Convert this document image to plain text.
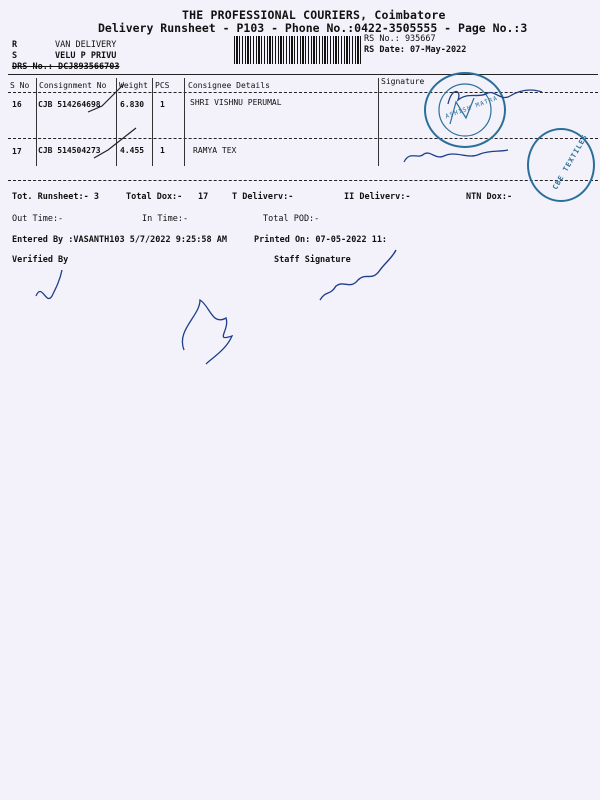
THE PROFESSIONAL COURIERS, Coimbatore
Delivery Runsheet - P103 - Phone No.:0422-3505555 - Page No.:3
R	VAN DELIVERY
S	VELU P PRIVU
DRS No.: DCJ893566703
RS No.: 935667
RS Date: 07-May-2022
S No Consignment No Weight PCS Consignee Details	Signature
16 CJB 514264698 6.830 1	SHRI VISHNU PERUMAL
17 CJB 514504273 4.455 1	RAMYA TEX
Tot. Runsheet:- 3	Total Dox:- 17	T Deliverv:-	II Deliverv:-	NTN Dox:-
Out Time:-	In Time:-	Total POD:-
Entered By :VASANTH103 5/7/2022 9:25:58 AM	Printed On: 07-05-2022 11:
Verified By	Staff Signature
ASHISH MATRA
CBE TEXTILES
